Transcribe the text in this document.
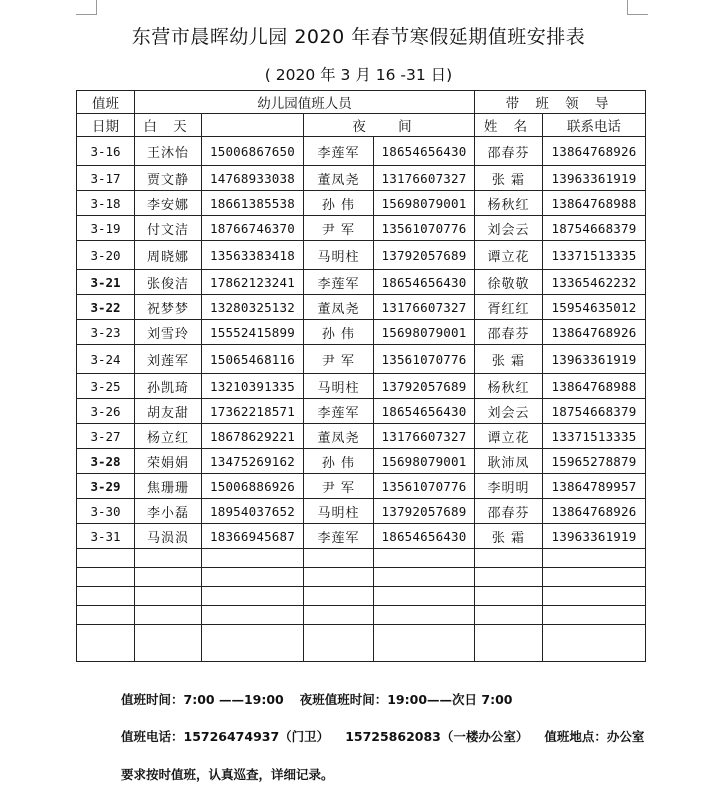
东营市晨晖幼儿园 2020 年春节寒假延期值班安排表
( 2020 年 3 月 16 -31 日)
值班	幼儿园值班人员				带 班 领 导	
日期	白 天		夜 间		姓 名	联系电话
3-16	王沐怡	15006867650	李莲军	18654656430	邵春芬	13864768926
3-17	贾文静	14768933038	董凤尧	13176607327	张 霜	13963361919
3-18	李安娜	18661385538	孙 伟	15698079001	杨秋红	13864768988
3-19	付文洁	18766746370	尹 军	13561070776	刘会云	18754668379
3-20	周晓娜	13563383418	马明柱	13792057689	谭立花	13371513335
3-21	张俊洁	17862123241	李莲军	18654656430	徐敬敬	13365462232
3-22	祝梦梦	13280325132	董凤尧	13176607327	胥红红	15954635012
3-23	刘雪玲	15552415899	孙 伟	15698079001	邵春芬	13864768926
3-24	刘莲军	15065468116	尹 军	13561070776	张 霜	13963361919
3-25	孙凯琦	13210391335	马明柱	13792057689	杨秋红	13864768988
3-26	胡友甜	17362218571	李莲军	18654656430	刘会云	18754668379
3-27	杨立红	18678629221	董凤尧	13176607327	谭立花	13371513335
3-28	荣娟娟	13475269162	孙 伟	15698079001	耿沛凤	15965278879
3-29	焦珊珊	15006886926	尹 军	13561070776	李明明	13864789957
3-30	李小磊	18954037652	马明柱	13792057689	邵春芬	13864768926
3-31	马涢涢	18366945687	李莲军	18654656430	张 霜	13963361919

值班时间：7:00 ——19:00 夜班值班时间：19:00——次日 7:00
值班电话：15726474937（门卫） 15725862083（一楼办公室） 值班地点：办公室
要求按时值班，认真巡查，详细记录。
